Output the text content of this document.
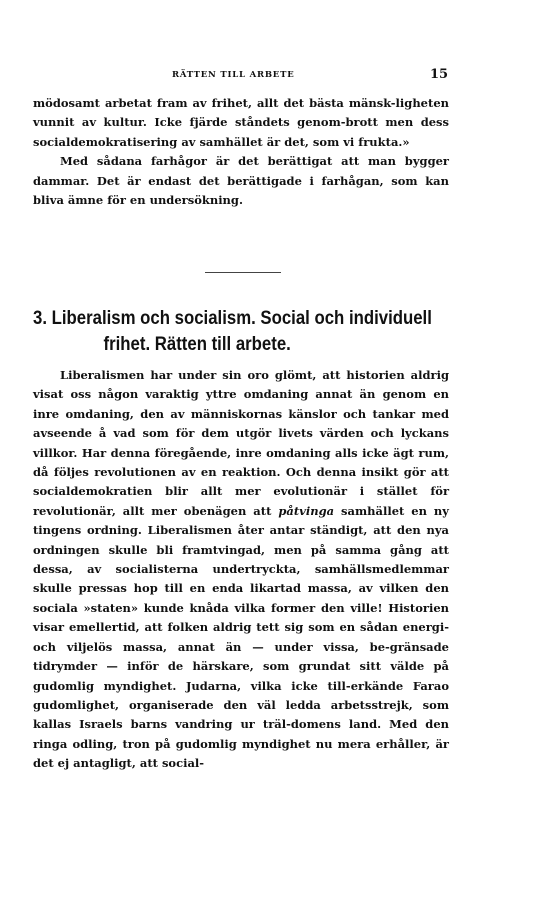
RÄTTEN TILL ARBETE	15

mödosamt arbetat fram av frihet, allt det bästa mänsk-ligheten vunnit av kultur. Icke fjärde ståndets genom-brott men dess socialdemokratisering av samhället är det, som vi frukta.»

Med sådana farhågor är det berättigat att man bygger dammar. Det är endast det berättigade i farhågan, som kan bliva ämne för en undersökning.

3. Liberalism och socialism. Social och individuell
frihet. Rätten till arbete.

Liberalismen har under sin oro glömt, att historien aldrig visat oss någon varaktig yttre omdaning annat än genom en inre omdaning, den av människornas känslor och tankar med avseende å vad som för dem utgör livets värden och lyckans villkor. Har denna föregående, inre omdaning alls icke ägt rum, då följes revolutionen av en reaktion. Och denna insikt gör att socialdemokratien blir allt mer evolutionär i stället för revolutionär, allt mer obenägen att påtvinga samhället en ny tingens ordning. Liberalismen åter antar ständigt, att den nya ordningen skulle bli framtvingad, men på samma gång att dessa, av socialisterna undertryckta, samhällsmedlemmar skulle pressas hop till en enda likartad massa, av vilken den sociala »staten» kunde knåda vilka former den ville! Historien visar emellertid, att folken aldrig tett sig som en sådan energi- och viljelös massa, annat än — under vissa, be-gränsade tidrymder — inför de härskare, som grundat sitt välde på gudomlig myndighet. Judarna, vilka icke till-erkände Farao gudomlighet, organiserade den väl ledda arbetsstrejk, som kallas Israels barns vandring ur träl-domens land. Med den ringa odling, tron på gudomlig myndighet nu mera erhåller, är det ej antagligt, att social-
